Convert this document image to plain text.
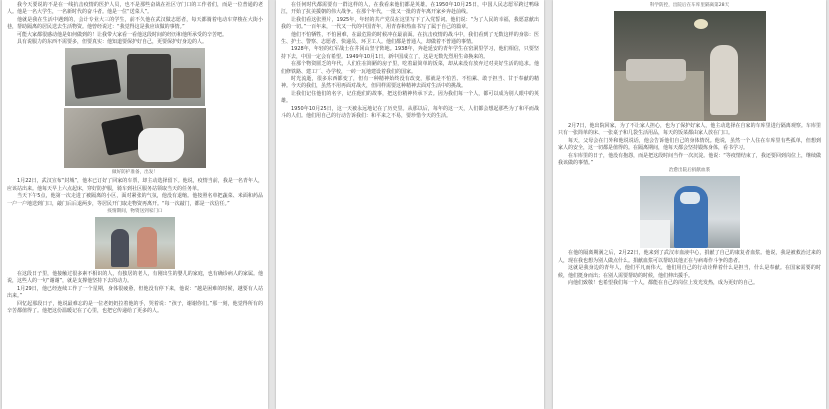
我今天要说的不是在一线抗击疫情的医护人员，也不是那些奋战在社区守门口的工作者们，而是一位普通的老人。他是一名大学生，一名新时代的奋斗者。他是一位“送菜人”。

他就是我在生活中遇到的，会计专业大三的学生，前不久他在武汉做志愿者，每天都骑着电动车穿梭在大街小巷，帮助隔离的居民送去生活物资。他曾经说过：“我觉得这是我应该做的事情。”

可能大家都很感动他是如何做到的！让我带大家看一看他这段时间的经历和他所承受的辛苦吧。

具有说服力的东西不需要多，但要真实：他知道要保护好自己，更要保护好身边的人。

做好防护准备，出发！

1月22日，武汉宣布“封城”，他本已订好了回家的车票，却主动选择留下。他说，疫情当前，我是一名青年人，应该站出来。他每天早上六点起床，穿好防护服，骑车到社区服务站领取当天的任务单。

当天下午5点，他第一次走进了被隔离的小区，面对紧张的气氛，他没有退缩。他按照名单把蔬菜、米面和药品一户一户地送到门口，敲门后后退两步，等居民开门取走物资再离开。“每一次敲门，都是一次信任。”

疫情期间，物资送到家门口

在这段日子里，他接触过很多素不相识的人，有独居的老人，有刚出生的婴儿的家庭，也有确诊病人的家属。他说，这些人的一句“谢谢”，就是支撑他坚持下去的动力。

1月29日，他已经连续工作了一个星期，身体很疲惫，但他没有停下来，他说：“越是困难的时候，越要有人站出来。”

回忆起那段日子，他说最难忘的是一位老奶奶拉着他的手，哭着说：“孩子，谢谢你们。”那一刻，他觉得所有的辛苦都值得了。他把这份温暖记在了心里，也把它传递给了更多的人。

在任何时代都需要有一群这样的人，在我看来他们都是英雄。在1950年10月25日，中国人民志愿军跨过鸭绿江，开始了抗美援朝的伟大战争。在那个年代，一批又一批的青年离开家乡奔赴前线。

让我们看这张照片，1925年，年轻的共产党员在这里写下了入党誓词。他们说：“为了人民的幸福，我愿意献出我的一切。”一百年来，一代又一代的中国青年，用青春和热血书写了属于自己的篇章。

他们不怕牺牲，不怕困难，在最危险的时候冲在最前面。在抗击疫情的战斗中，我们看到了无数这样的身影：医生、护士、警察、志愿者、快递员、环卫工人。他们都是普通人，却做着不普通的事情。

1928年，年轻的红军战士在井冈山坚守阵地。1938年，奔赴延安的青年学生在窑洞里学习，他们相信，只要坚持下去，中国一定会有希望。1949年10月1日，新中国成立了，这是无数先烈用生命换来的。

在那个物资匮乏的年代，人们住在简陋的房子里，吃着最简单的饭菜，却从来没有放弃过对美好生活的追求。他们修铁路、建工厂、办学校，一砖一瓦地建设着我们的国家。

时光流逝，很多东西都变了，但有一种精神始终没有改变，那就是不怕苦、不怕累、敢于担当、甘于奉献的精神。今天的我们，虽然不用再面对战火，但同样需要这种精神去面对生活中的挑战。

让我们记住他们的名字，记住他们的故事，把这份精神传承下去。因为我们每一个人，都可以成为别人眼中的英雄。

1950年10月25日，这一天被永远地记在了历史里。从那以后，每年的这一天，人们都会想起那些为了和平而战斗的人们。他们用自己的行动告诉我们：和平来之不易，要珍惜今天的生活。

科学防控，出院后在车库里隔离第28天

2月7日，他出院回家，为了不让家人担心，也为了保护好家人，他主动选择在自家的车库里进行隔离观察。车库里只有一张简单的床、一张桌子和几袋生活用品，每天的饭菜都由家人放在门口。

每天，父母会在门外和他说说话，他会告诉他们自己的身体情况。他说，虽然一个人住在车库里有些孤单，但想到家人的安全，这一切都是值得的。在隔离期间，他每天都会坚持锻炼身体，看书学习。

在车库里的日子，他没有抱怨，而是把这段时间当作一次沉淀。他说：“等疫情结束了，我还要回到岗位上，继续做我该做的事情。”

治愈出院后捐献血浆

在他的隔离期满之后，2月22日，他来到了武汉市血液中心，捐献了自己的康复者血浆。他说，我是被救治过来的人，现在我也想为别人做点什么。捐献血浆可以帮助其他正在与病毒作斗争的患者。

这就是我身边的青年人，他们平凡而伟大，他们用自己的行动诠释着什么是担当，什么是奉献。在国家需要的时候，他们挺身而出；在别人需要帮助的时候，他们伸出援手。

向他们致敬！也希望我们每一个人，都能在自己的岗位上发光发热，成为更好的自己。
